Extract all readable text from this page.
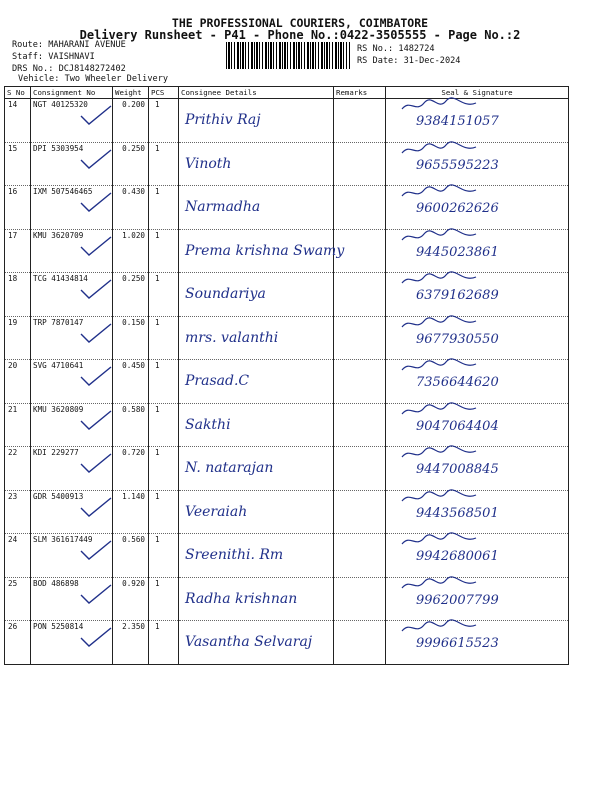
THE PROFESSIONAL COURIERS, COIMBATORE
Delivery Runsheet - P41 - Phone No.:0422-3505555 - Page No.:2
Route: MAHARANI AVENUE
Staff: VAISHNAVI
DRS No.: DCJ8148272402
Vehicle: Two Wheeler Delivery
RS No.: 1482724
RS Date: 31-Dec-2024
S No	Consignment No	Weight	PCS	Consignee Details	Remarks	Seal & Signature
14	NGT 40125320	0.200	1	Prithiv Raj		9384151057

15	DPI 5303954	0.250	1	Vinoth		9655595223

16	IXM 507546465	0.430	1	Narmadha		9600262626

17	KMU 3620709	1.020	1	Prema krishna Swamy		9445023861

18	TCG 41434814	0.250	1	Soundariya		6379162689

19	TRP 7870147	0.150	1	mrs. valanthi		9677930550

20	SVG 4710641	0.450	1	Prasad.C		7356644620

21	KMU 3620809	0.580	1	Sakthi		9047064404

22	KDI 229277	0.720	1	N. natarajan		9447008845

23	GDR 5400913	1.140	1	Veeraiah		9443568501

24	SLM 361617449	0.560	1	Sreenithi. Rm		9942680061

25	BOD 486898	0.920	1	Radha krishnan		9962007799

26	PON 5250814	2.350	1	Vasantha Selvaraj		9996615523
